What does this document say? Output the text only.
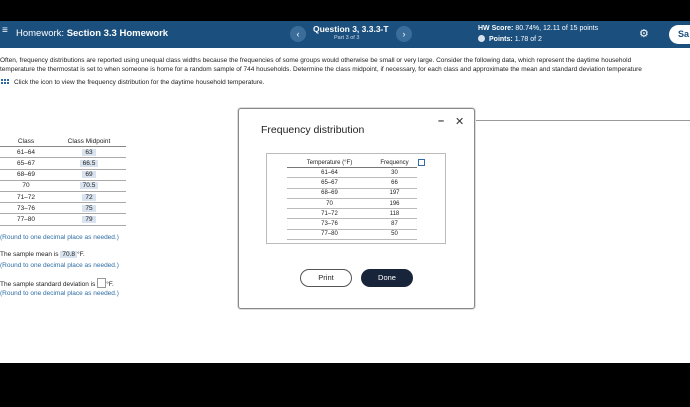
≡ Homework: Section 3.3 Homework	‹	Question 3, 3.3.3-T
Part 3 of 3	›
HW Score: 80.74%, 12.11 of 15 points
Points: 1.78 of 2	⚙	Sa
Often, frequency distributions are reported using unequal class widths because the frequencies of some groups would otherwise be small or very large. Consider the following data, which represent the daytime household
temperature the thermostat is set to when someone is home for a random sample of 744 households. Determine the class midpoint, if necessary, for each class and approximate the mean and standard deviation temperature
Click the icon to view the frequency distribution for the daytime household temperature.
Class	Class Midpoint
61–64	63
65–67	66.5
68–69	69
70	70.5
71–72	72
73–76	75
77–80	79
(Round to one decimal place as needed.)
The sample mean is 70.8 °F.
(Round to one decimal place as needed.)
The sample standard deviation is °F.
(Round to one decimal place as needed.)
Frequency distribution
– ✕
Temperature (°F)	Frequency
61–64	30
65–67	66
68–69	197
70	196
71–72	118
73–76	87
77–80	50
Print	Done
